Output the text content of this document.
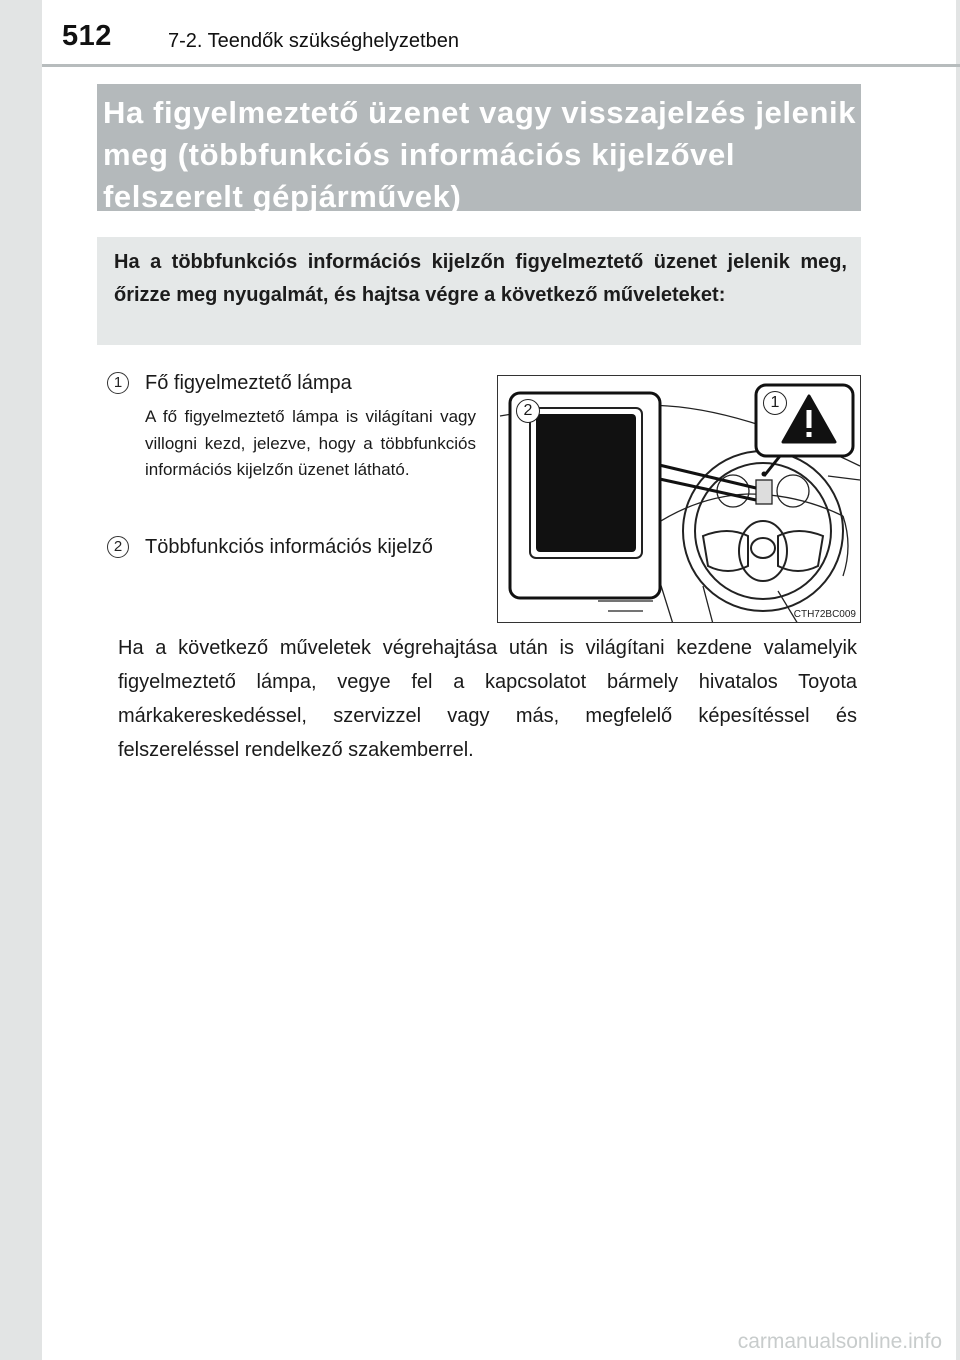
512	7-2. Teendők szükséghelyzetben

Ha figyelmeztető üzenet vagy visszajelzés jelenik meg (többfunkciós információs kijelzővel felszerelt gépjárművek)

Ha a többfunkciós információs kijelzőn figyelmeztető üzenet jelenik meg, őrizze meg nyugalmát, és hajtsa végre a következő műveleteket:

1	Fő figyelmeztető lámpa

A fő figyelmeztető lámpa is világítani vagy villogni kezd, jelezve, hogy a többfunkciós információs kijelzőn üzenet látható.

2	Többfunkciós információs kijelző
2	1
CTH72BC009

Ha a következő műveletek végrehajtása után is világítani kezdene valamelyik figyelmeztető lámpa, vegye fel a kapcsolatot bármely hivatalos Toyota márkakereskedéssel, szervizzel vagy más, megfelelő képesítéssel és felszereléssel rendelkező szakemberrel.

carmanualsonline.info
